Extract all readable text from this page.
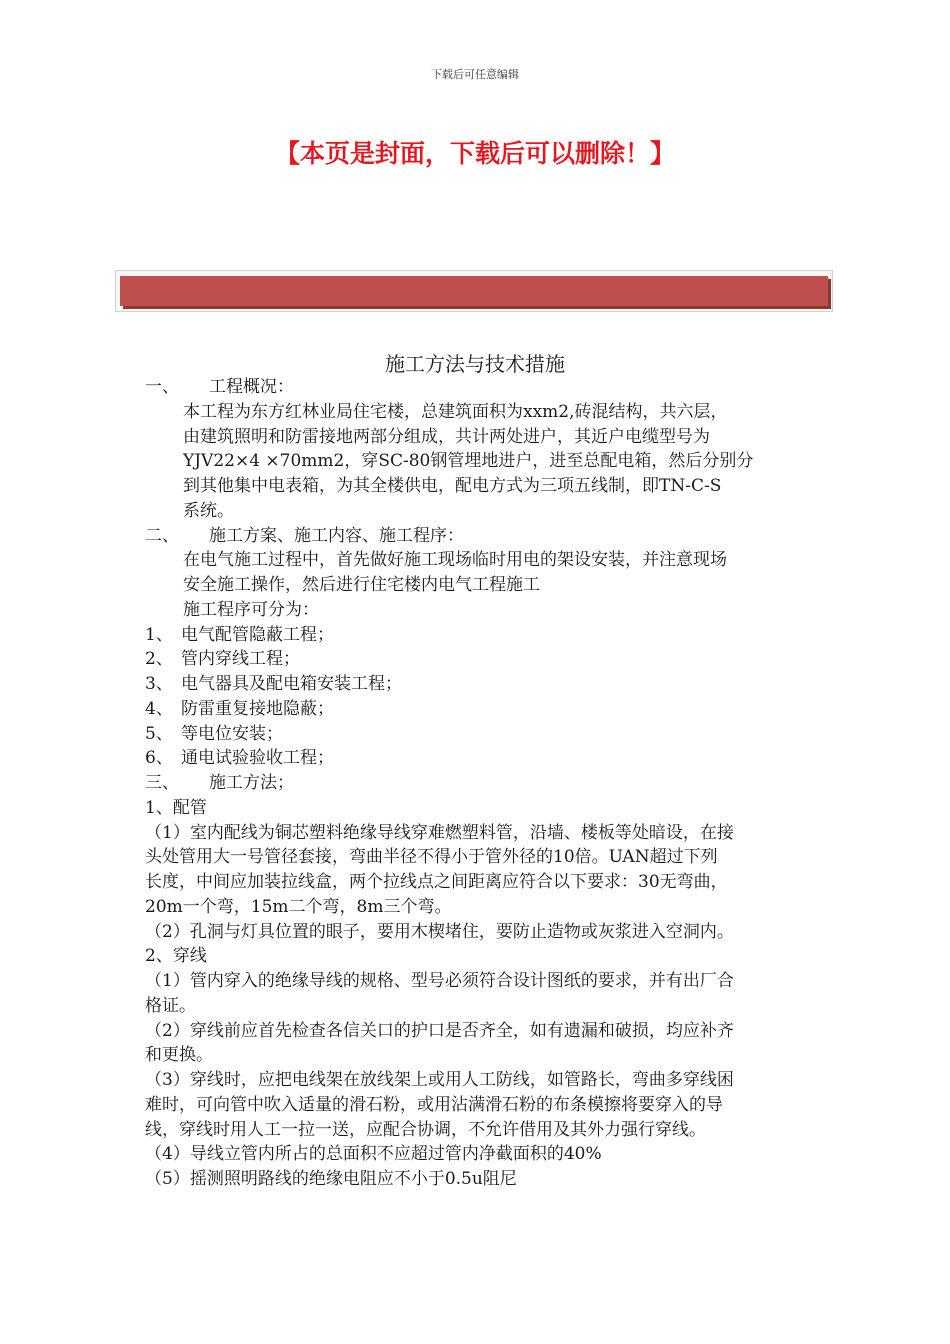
下载后可任意编辑
【本页是封面，下载后可以删除！】
施工方法与技术措施
一、 工程概况：
本工程为东方红林业局住宅楼，总建筑面积为xxm2,砖混结构，共六层，
由建筑照明和防雷接地两部分组成，共计两处进户，其近户电缆型号为
YJV22×4 ×70mm2，穿SC-80钢管埋地进户，进至总配电箱，然后分别分
到其他集中电表箱，为其全楼供电，配电方式为三项五线制，即TN-C-S
系统。
二、 施工方案、施工内容、施工程序：
在电气施工过程中，首先做好施工现场临时用电的架设安装，并注意现场
安全施工操作，然后进行住宅楼内电气工程施工
施工程序可分为：
1、 电气配管隐蔽工程；
2、 管内穿线工程；
3、 电气器具及配电箱安装工程；
4、 防雷重复接地隐蔽；
5、 等电位安装；
6、 通电试验验收工程；
三、 施工方法；
1、配管
（1）室内配线为铜芯塑料绝缘导线穿难燃塑料管，沿墙、楼板等处暗设，在接
头处管用大一号管径套接，弯曲半径不得小于管外径的10倍。UAN超过下列
长度，中间应加装拉线盒，两个拉线点之间距离应符合以下要求：30无弯曲，
20m一个弯，15m二个弯，8m三个弯。
（2）孔洞与灯具位置的眼子，要用木楔堵住，要防止造物或灰浆进入空洞内。
2、穿线
（1）管内穿入的绝缘导线的规格、型号必须符合设计图纸的要求，并有出厂合
格证。
（2）穿线前应首先检查各信关口的护口是否齐全，如有遗漏和破损，均应补齐
和更换。
（3）穿线时，应把电线架在放线架上或用人工防线，如管路长，弯曲多穿线困
难时，可向管中吹入适量的滑石粉，或用沾满滑石粉的布条模擦将要穿入的导
线，穿线时用人工一拉一送，应配合协调，不允许借用及其外力强行穿线。
（4）导线立管内所占的总面积不应超过管内净截面积的40%
（5）摇测照明路线的绝缘电阻应不小于0.5u阻尼
